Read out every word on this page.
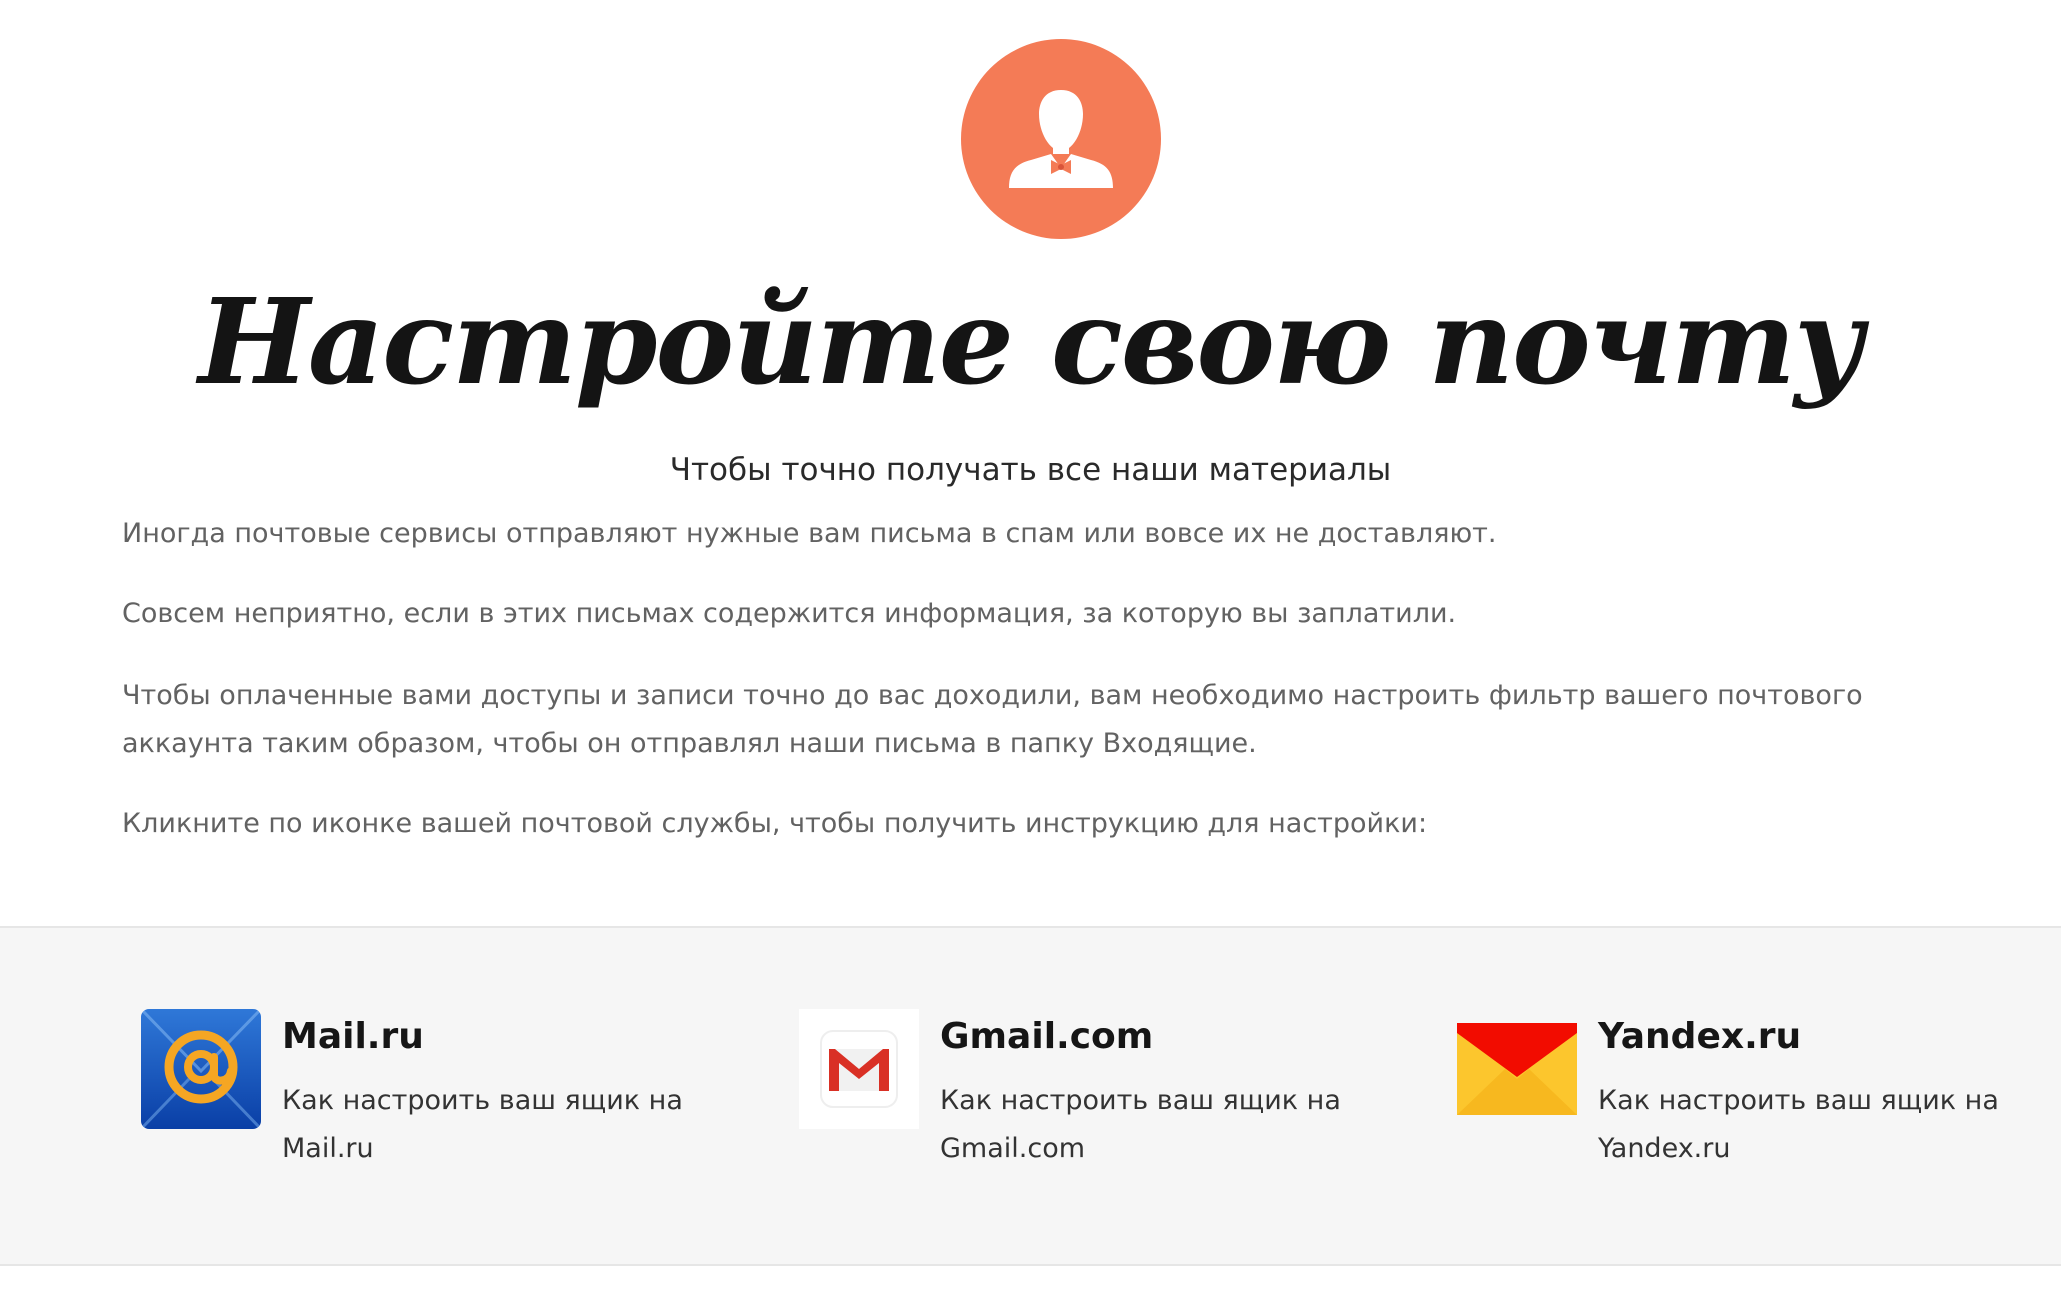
Настройте свою почту
Чтобы точно получать все наши материалы

Иногда почтовые сервисы отправляют нужные вам письма в спам или вовсе их не доставляют.

Совсем неприятно, если в этих письмах содержится информация, за которую вы заплатили.

Чтобы оплаченные вами доступы и записи точно до вас доходили, вам необходимо настроить фильтр вашего почтового аккаунта таким образом, чтобы он отправлял наши письма в папку Входящие.

Кликните по иконке вашей почтовой службы, чтобы получить инструкцию для настройки:

Mail.ru
Как настроить ваш ящик на Mail.ru
Gmail.com
Как настроить ваш ящик на Gmail.com
Yandex.ru
Как настроить ваш ящик на Yandex.ru
